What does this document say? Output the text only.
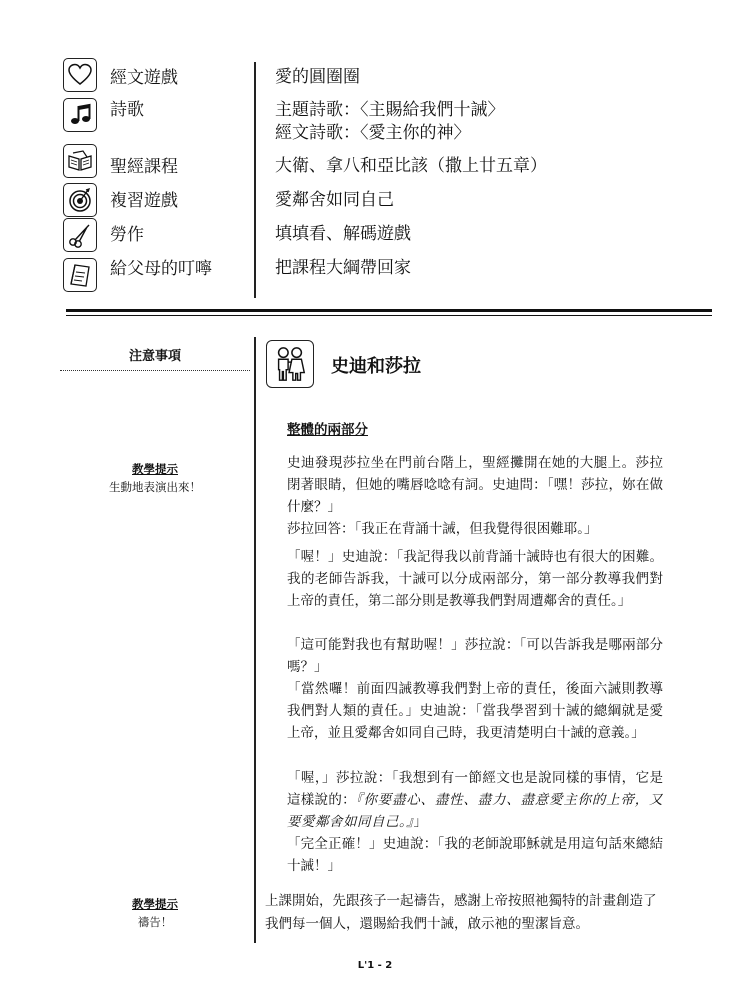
經文遊戲	愛的圓圈圈
詩歌	主題詩歌：〈主賜給我們十誡〉
經文詩歌：〈愛主你的神〉
聖經課程	大衛、拿八和亞比該（撒上廿五章）
複習遊戲	愛鄰舍如同自己
勞作	填填看、解碼遊戲
給父母的叮嚀	把課程大綱帶回家
注意事項
教學提示
生動地表演出來！
教學提示
禱告！
史迪和莎拉
整體的兩部分

史迪發現莎拉坐在門前台階上，聖經攤開在她的大腿上。莎拉閉著眼睛，但她的嘴唇唸唸有詞。史迪問：「嘿！莎拉，妳在做什麼？」

莎拉回答：「我正在背誦十誡，但我覺得很困難耶。」

「喔！」史迪說：「我記得我以前背誦十誡時也有很大的困難。我的老師告訴我，十誡可以分成兩部分，第一部分教導我們對上帝的責任，第二部分則是教導我們對周遭鄰舍的責任。」

「這可能對我也有幫助喔！」莎拉說：「可以告訴我是哪兩部分嗎？」

「當然囉！前面四誡教導我們對上帝的責任，後面六誡則教導我們對人類的責任。」史迪說：「當我學習到十誡的總綱就是愛上帝，並且愛鄰舍如同自己時，我更清楚明白十誡的意義。」

「喔，」莎拉說：「我想到有一節經文也是說同樣的事情，它是這樣說的：『你要盡心、盡性、盡力、盡意愛主你的上帝，又要愛鄰舍如同自己。』」

「完全正確！」史迪說：「我的老師說耶穌就是用這句話來總結十誡！」

上課開始，先跟孩子一起禱告，感謝上帝按照祂獨特的計畫創造了我們每一個人，還賜給我們十誡，啟示祂的聖潔旨意。

L'1 - 2
